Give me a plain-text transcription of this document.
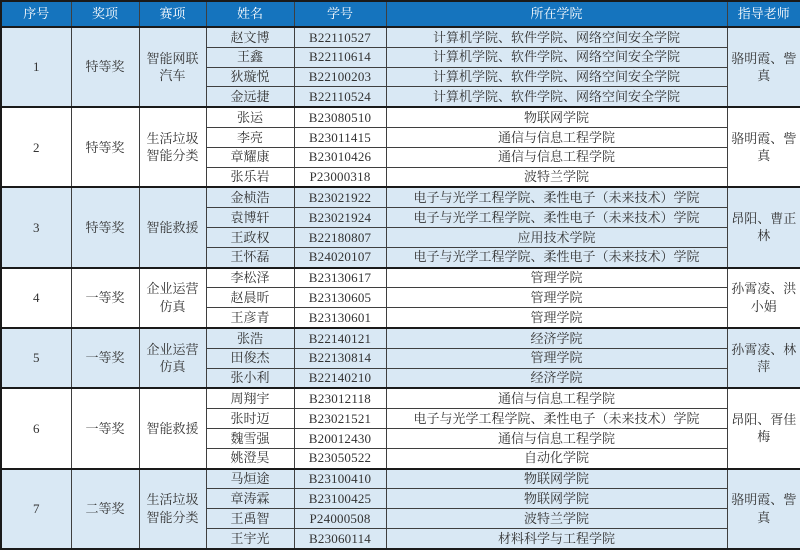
序号	奖项	赛项	姓名	学号	所在学院	指导老师
1	特等奖	智能网联汽车	赵文博	B22110527	计算机学院、软件学院、网络空间安全学院	骆明霞、訾真
			王鑫	B22110614	计算机学院、软件学院、网络空间安全学院	
			狄璇悦	B22100203	计算机学院、软件学院、网络空间安全学院	
			金远捷	B22110524	计算机学院、软件学院、网络空间安全学院	
2	特等奖	生活垃圾智能分类	张运	B23080510	物联网学院	骆明霞、訾真
			李亮	B23011415	通信与信息工程学院	
			章耀康	B23010426	通信与信息工程学院	
			张乐岩	P23000318	波特兰学院	
3	特等奖	智能救援	金桢浩	B23021922	电子与光学工程学院、柔性电子（未来技术）学院	昂阳、曹正林
			袁博轩	B23021924	电子与光学工程学院、柔性电子（未来技术）学院	
			王政权	B22180807	应用技术学院	
			王怀磊	B24020107	电子与光学工程学院、柔性电子（未来技术）学院	
4	一等奖	企业运营仿真	李松泽	B23130617	管理学院	孙霄凌、洪小娟
			赵晨昕	B23130605	管理学院	
			王彦青	B23130601	管理学院	
5	一等奖	企业运营仿真	张浩	B22140121	经济学院	孙霄凌、林萍
			田俊杰	B22130814	管理学院	
			张小利	B22140210	经济学院	
6	一等奖	智能救援	周翔宇	B23012118	通信与信息工程学院	昂阳、胥佳梅
			张时迈	B23021521	电子与光学工程学院、柔性电子（未来技术）学院	
			魏雪强	B20012430	通信与信息工程学院	
			姚澄昊	B23050522	自动化学院	
7	二等奖	生活垃圾智能分类	马烜途	B23100410	物联网学院	骆明霞、訾真
			章涛霖	B23100425	物联网学院	
			王禹智	P24000508	波特兰学院	
			王宇光	B23060114	材料科学与工程学院	
